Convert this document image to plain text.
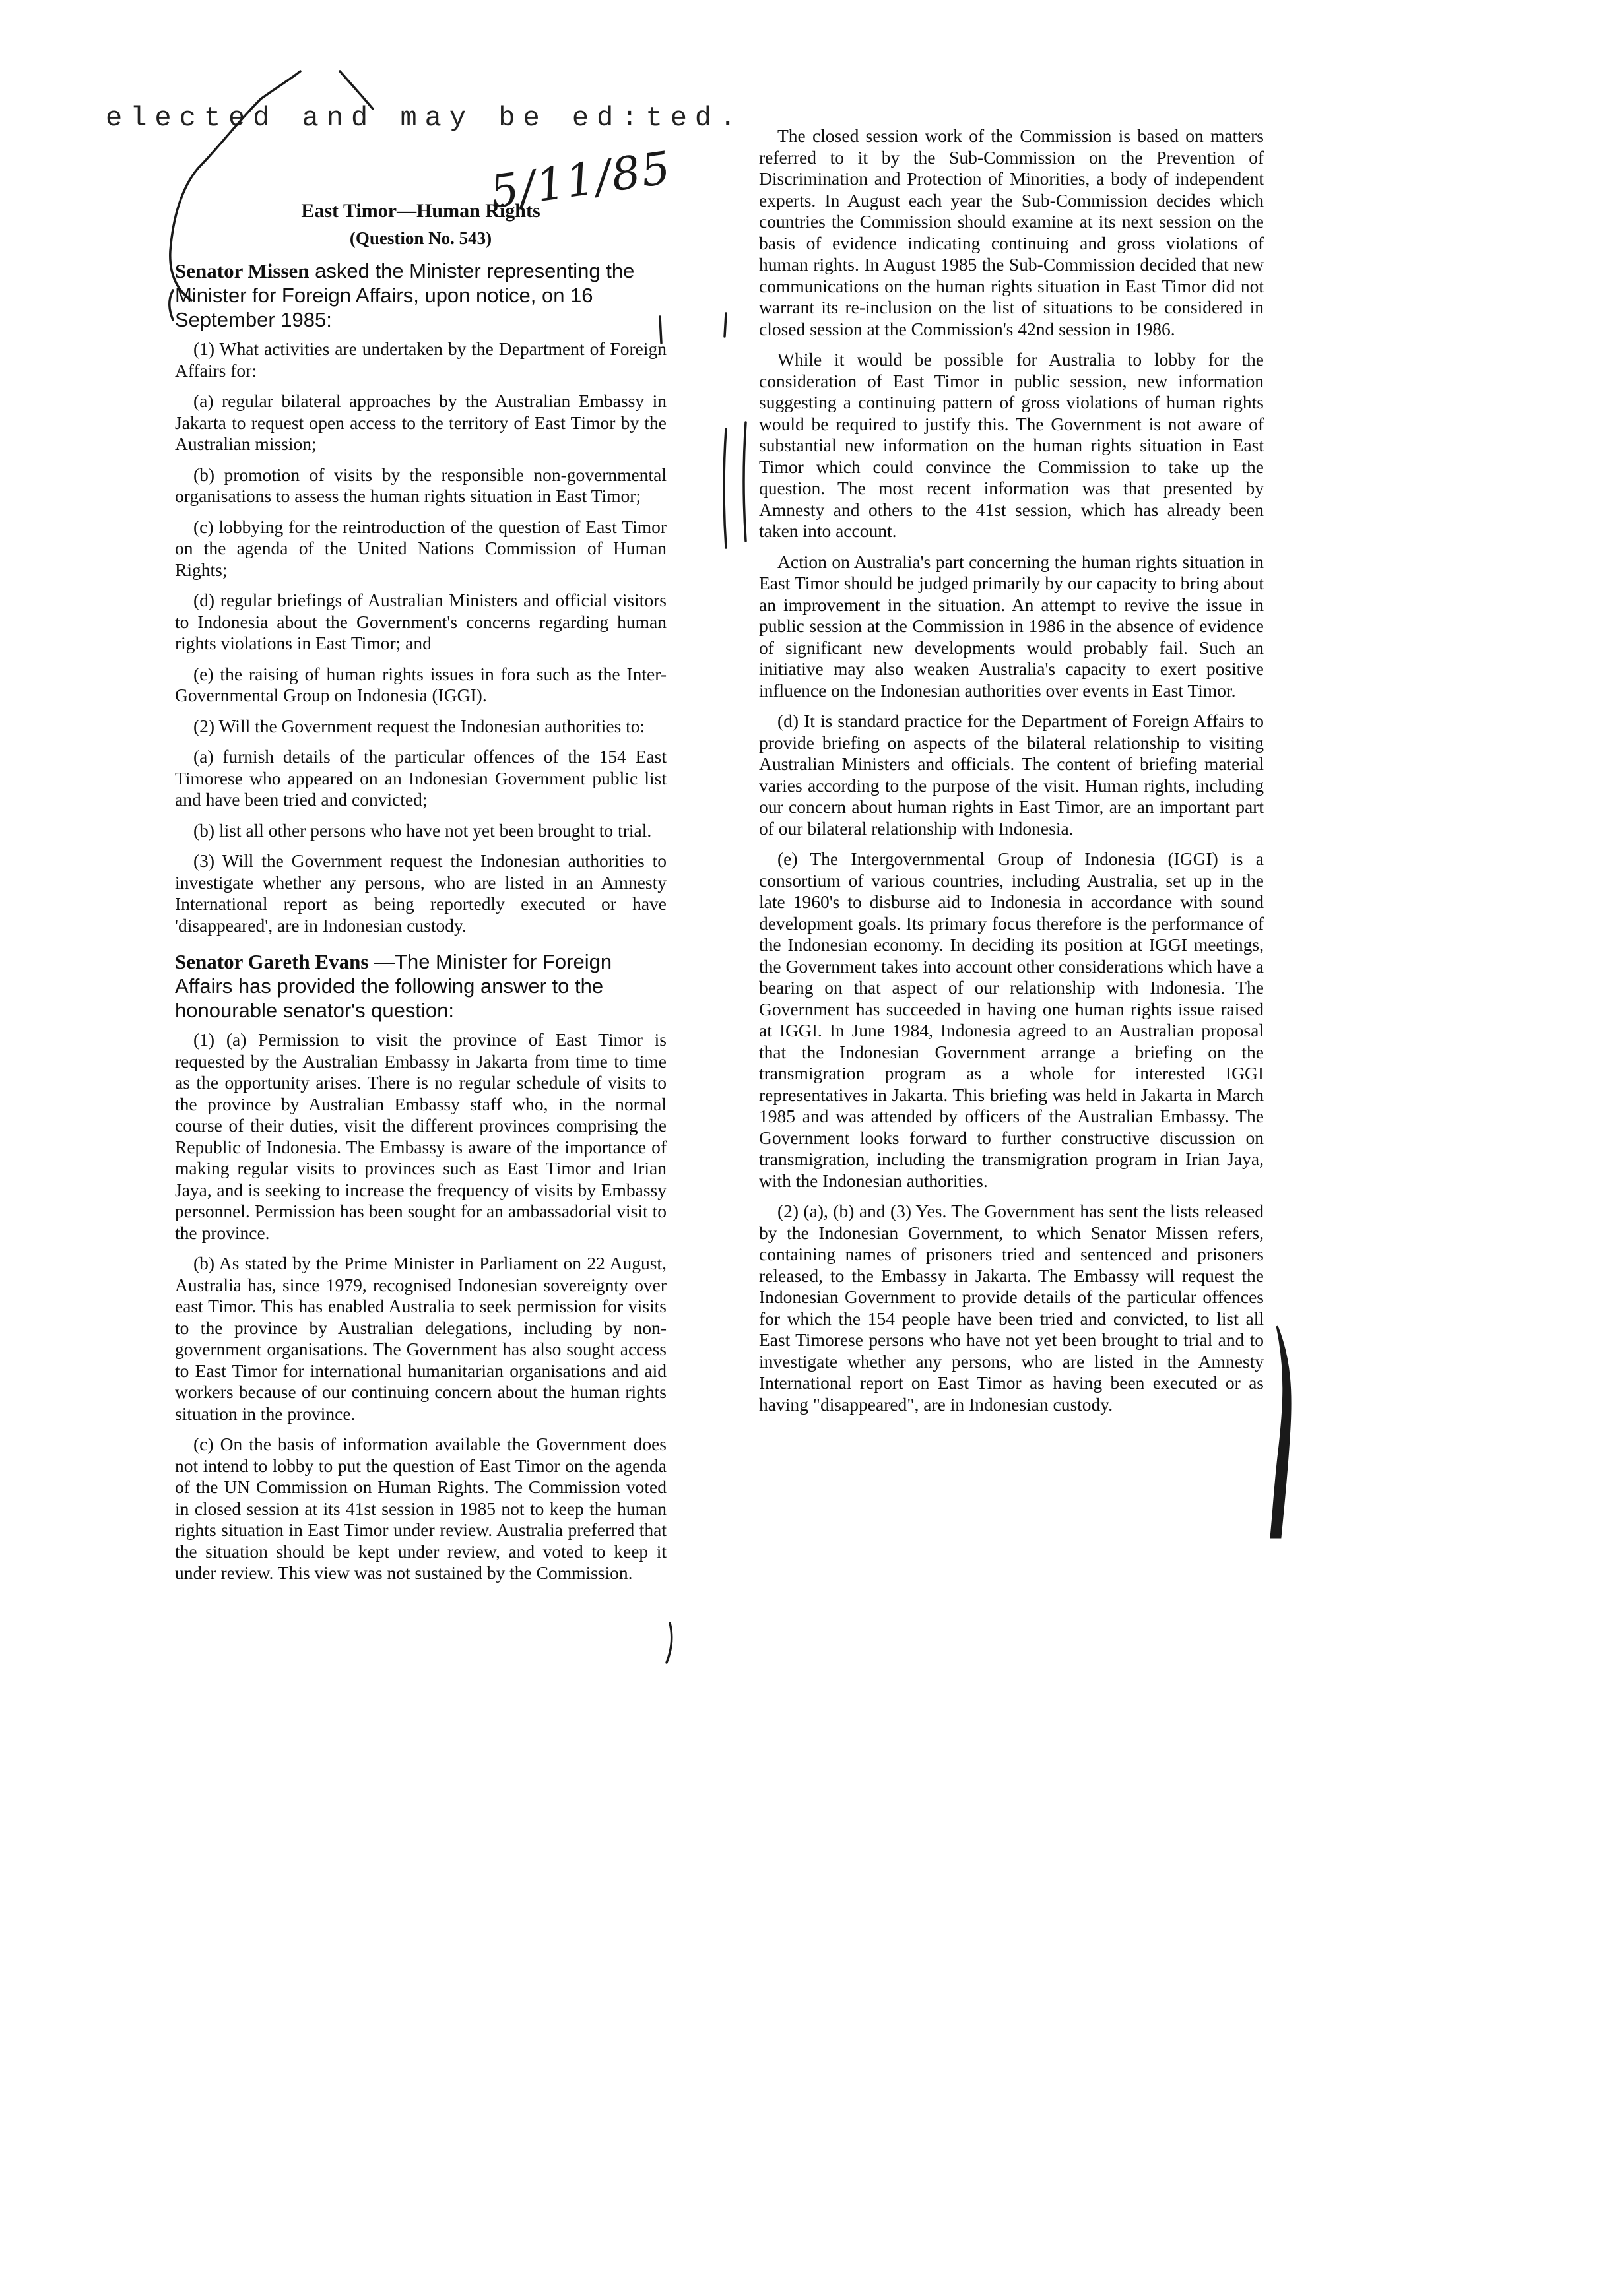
elected and may be ed:ted.
5/11/85
East Timor—Human Rights
(Question No. 543)
Senator Missen asked the Minister representing the Minister for Foreign Affairs, upon notice, on 16 September 1985:

(1) What activities are undertaken by the Department of Foreign Affairs for:

(a) regular bilateral approaches by the Australian Embassy in Jakarta to request open access to the territory of East Timor by the Australian mission;

(b) promotion of visits by the responsible non-governmental organisations to assess the human rights situation in East Timor;

(c) lobbying for the reintroduction of the question of East Timor on the agenda of the United Nations Commission of Human Rights;

(d) regular briefings of Australian Ministers and official visitors to Indonesia about the Government's concerns regarding human rights violations in East Timor; and

(e) the raising of human rights issues in fora such as the Inter-Governmental Group on Indonesia (IGGI).

(2) Will the Government request the Indonesian authorities to:

(a) furnish details of the particular offences of the 154 East Timorese who appeared on an Indonesian Government public list and have been tried and convicted;

(b) list all other persons who have not yet been brought to trial.

(3) Will the Government request the Indonesian authorities to investigate whether any persons, who are listed in an Amnesty International report as being reportedly executed or have 'disappeared', are in Indonesian custody.

Senator Gareth Evans —The Minister for Foreign Affairs has provided the following answer to the honourable senator's question:

(1) (a) Permission to visit the province of East Timor is requested by the Australian Embassy in Jakarta from time to time as the opportunity arises. There is no regular schedule of visits to the province by Australian Embassy staff who, in the normal course of their duties, visit the different provinces comprising the Republic of Indonesia. The Embassy is aware of the importance of making regular visits to provinces such as East Timor and Irian Jaya, and is seeking to increase the frequency of visits by Embassy personnel. Permission has been sought for an ambassadorial visit to the province.

(b) As stated by the Prime Minister in Parliament on 22 August, Australia has, since 1979, recognised Indonesian sovereignty over east Timor. This has enabled Australia to seek permission for visits to the province by Australian delegations, including by non-government organisations. The Government has also sought access to East Timor for international humanitarian organisations and aid workers because of our continuing concern about the human rights situation in the province.

(c) On the basis of information available the Government does not intend to lobby to put the question of East Timor on the agenda of the UN Commission on Human Rights. The Commission voted in closed session at its 41st session in 1985 not to keep the human rights situation in East Timor under review. Australia preferred that the situation should be kept under review, and voted to keep it under review. This view was not sustained by the Commission.

The closed session work of the Commission is based on matters referred to it by the Sub-Commission on the Prevention of Discrimination and Protection of Minorities, a body of independent experts. In August each year the Sub-Commission decides which countries the Commission should examine at its next session on the basis of evidence indicating continuing and gross violations of human rights. In August 1985 the Sub-Commission decided that new communications on the human rights situation in East Timor did not warrant its re-inclusion on the list of situations to be considered in closed session at the Commission's 42nd session in 1986.

While it would be possible for Australia to lobby for the consideration of East Timor in public session, new information suggesting a continuing pattern of gross violations of human rights would be required to justify this. The Government is not aware of substantial new information on the human rights situation in East Timor which could convince the Commission to take up the question. The most recent information was that presented by Amnesty and others to the 41st session, which has already been taken into account.

Action on Australia's part concerning the human rights situation in East Timor should be judged primarily by our capacity to bring about an improvement in the situation. An attempt to revive the issue in public session at the Commission in 1986 in the absence of evidence of significant new developments would probably fail. Such an initiative may also weaken Australia's capacity to exert positive influence on the Indonesian authorities over events in East Timor.

(d) It is standard practice for the Department of Foreign Affairs to provide briefing on aspects of the bilateral relationship to visiting Australian Ministers and officials. The content of briefing material varies according to the purpose of the visit. Human rights, including our concern about human rights in East Timor, are an important part of our bilateral relationship with Indonesia.

(e) The Intergovernmental Group of Indonesia (IGGI) is a consortium of various countries, including Australia, set up in the late 1960's to disburse aid to Indonesia in accordance with sound development goals. Its primary focus therefore is the performance of the Indonesian economy. In deciding its position at IGGI meetings, the Government takes into account other considerations which have a bearing on that aspect of our relationship with Indonesia. The Government has succeeded in having one human rights issue raised at IGGI. In June 1984, Indonesia agreed to an Australian proposal that the Indonesian Government arrange a briefing on the transmigration program as a whole for interested IGGI representatives in Jakarta. This briefing was held in Jakarta in March 1985 and was attended by officers of the Australian Embassy. The Government looks forward to further constructive discussion on transmigration, including the transmigration program in Irian Jaya, with the Indonesian authorities.

(2) (a), (b) and (3) Yes. The Government has sent the lists released by the Indonesian Government, to which Senator Missen refers, containing names of prisoners tried and sentenced and prisoners released, to the Embassy in Jakarta. The Embassy will request the Indonesian Government to provide details of the particular offences for which the 154 people have been tried and convicted, to list all East Timorese persons who have not yet been brought to trial and to investigate whether any persons, who are listed in the Amnesty International report on East Timor as having been executed or as having "disappeared", are in Indonesian custody.
